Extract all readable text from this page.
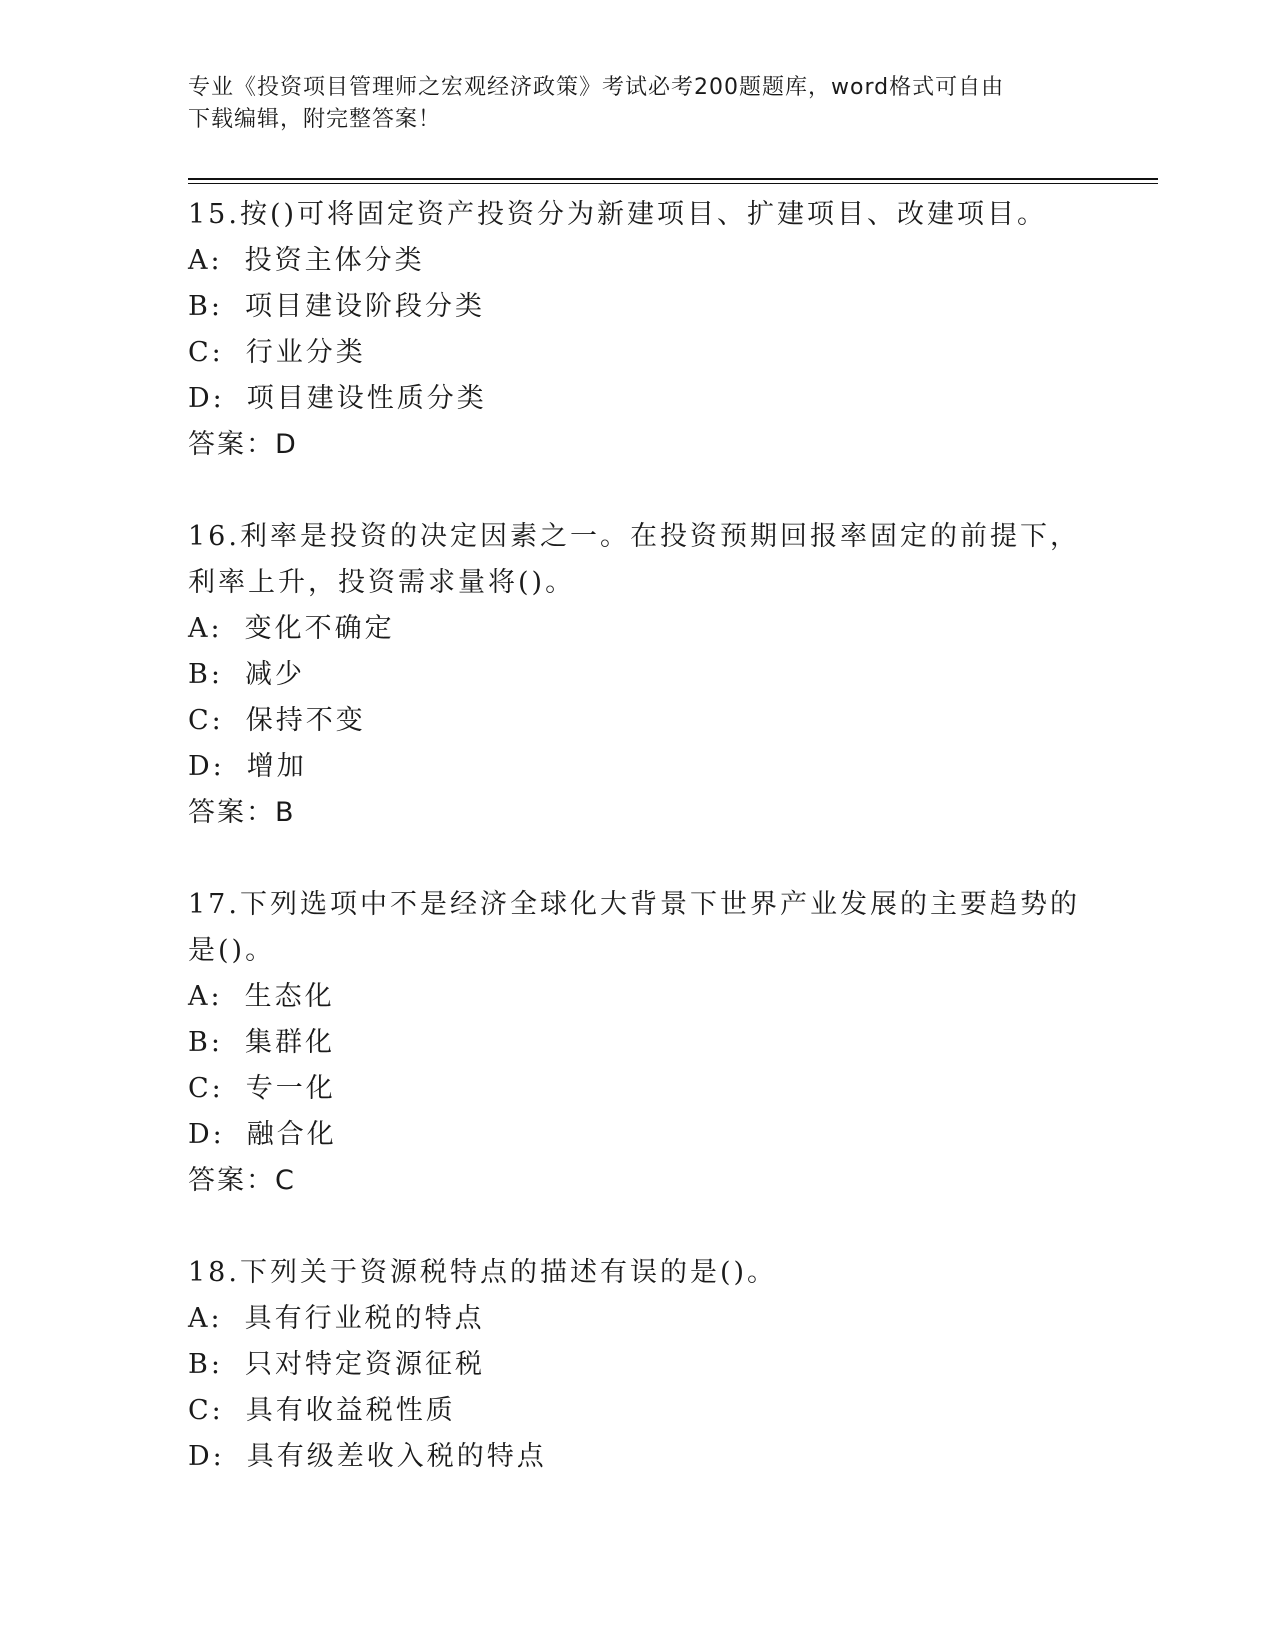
专业《投资项目管理师之宏观经济政策》考试必考200题题库，word格式可自由
下载编辑，附完整答案！
15.按()可将固定资产投资分为新建项目、扩建项目、改建项目。
A: 投资主体分类
B: 项目建设阶段分类
C: 行业分类
D: 项目建设性质分类
答案：D
16.利率是投资的决定因素之一。在投资预期回报率固定的前提下，利率上升，投资需求量将()。
A: 变化不确定
B: 减少
C: 保持不变
D: 增加
答案：B
17.下列选项中不是经济全球化大背景下世界产业发展的主要趋势的是()。
A: 生态化
B: 集群化
C: 专一化
D: 融合化
答案：C
18.下列关于资源税特点的描述有误的是()。
A: 具有行业税的特点
B: 只对特定资源征税
C: 具有收益税性质
D: 具有级差收入税的特点
